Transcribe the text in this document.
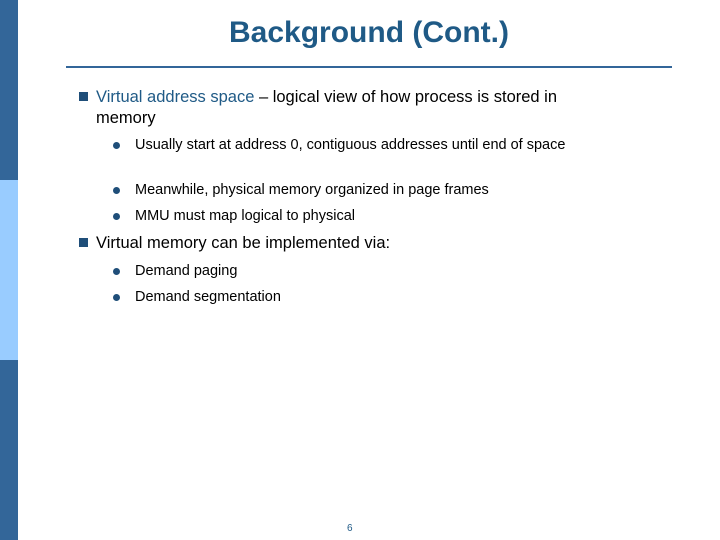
Background (Cont.)
Virtual address space – logical view of how process is stored in memory
Usually start at address 0, contiguous addresses until end of space
Meanwhile, physical memory organized in page frames
MMU must map logical to physical
Virtual memory can be implemented via:
Demand paging
Demand segmentation
6
